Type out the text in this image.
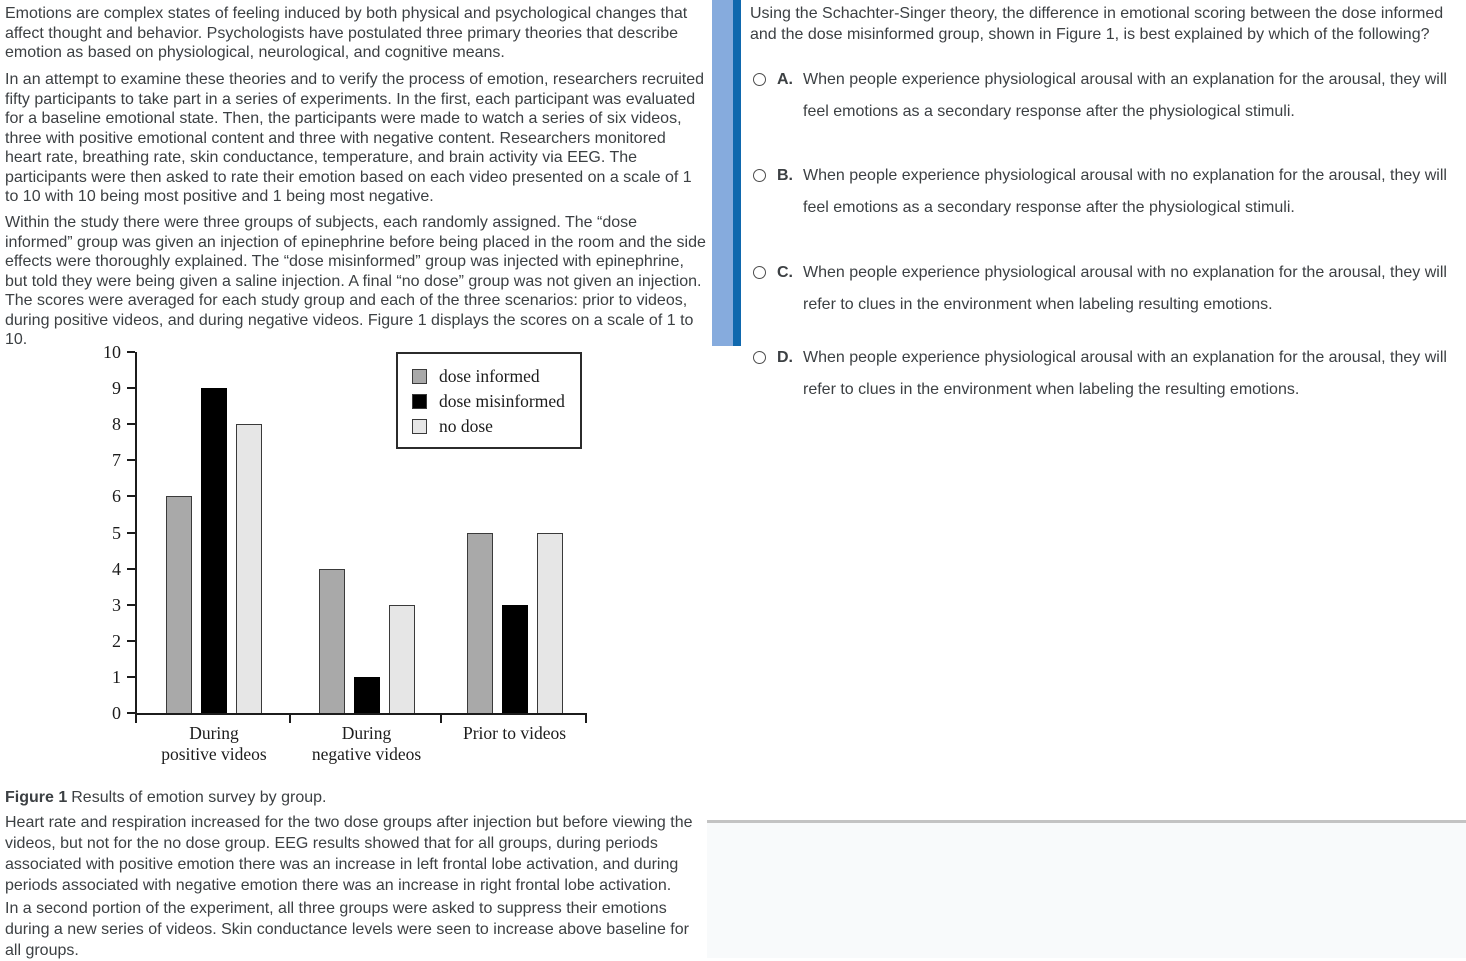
Emotions are complex states of feeling induced by both physical and psychological changes that affect thought and behavior. Psychologists have postulated three primary theories that describe emotion as based on physiological, neurological, and cognitive means.

In an attempt to examine these theories and to verify the process of emotion, researchers recruited fifty participants to take part in a series of experiments. In the first, each participant was evaluated for a baseline emotional state. Then, the participants were made to watch a series of six videos, three with positive emotional content and three with negative content. Researchers monitored heart rate, breathing rate, skin conductance, temperature, and brain activity via EEG. The participants were then asked to rate their emotion based on each video presented on a scale of 1 to 10 with 10 being most positive and 1 being most negative.

Within the study there were three groups of subjects, each randomly assigned. The “dose informed” group was given an injection of epinephrine before being placed in the room and the side effects were thoroughly explained. The “dose misinformed” group was injected with epinephrine, but told they were being given a saline injection. A final “no dose” group was not given an injection. The scores were averaged for each study group and each of the three scenarios: prior to videos, during positive videos, and during negative videos. Figure 1 displays the scores on a scale of 1 to 10.

dose informed
dose misinformed
no dose
0
1
2
3
4
5
6
7
8
9
10
During
positive videos
During
negative videos
Prior to videos

Figure 1 Results of emotion survey by group.

Heart rate and respiration increased for the two dose groups after injection but before viewing the videos, but not for the no dose group. EEG results showed that for all groups, during periods associated with positive emotion there was an increase in left frontal lobe activation, and during periods associated with negative emotion there was an increase in right frontal lobe activation.

In a second portion of the experiment, all three groups were asked to suppress their emotions during a new series of videos. Skin conductance levels were seen to increase above baseline for all groups.

Using the Schachter-Singer theory, the difference in emotional scoring between the dose informed and the dose misinformed group, shown in Figure 1, is best explained by which of the following?

A. When people experience physiological arousal with an explanation for the arousal, they will
feel emotions as a secondary response after the physiological stimuli.
B. When people experience physiological arousal with no explanation for the arousal, they will
feel emotions as a secondary response after the physiological stimuli.
C. When people experience physiological arousal with no explanation for the arousal, they will
refer to clues in the environment when labeling resulting emotions.
D. When people experience physiological arousal with an explanation for the arousal, they will
refer to clues in the environment when labeling the resulting emotions.
